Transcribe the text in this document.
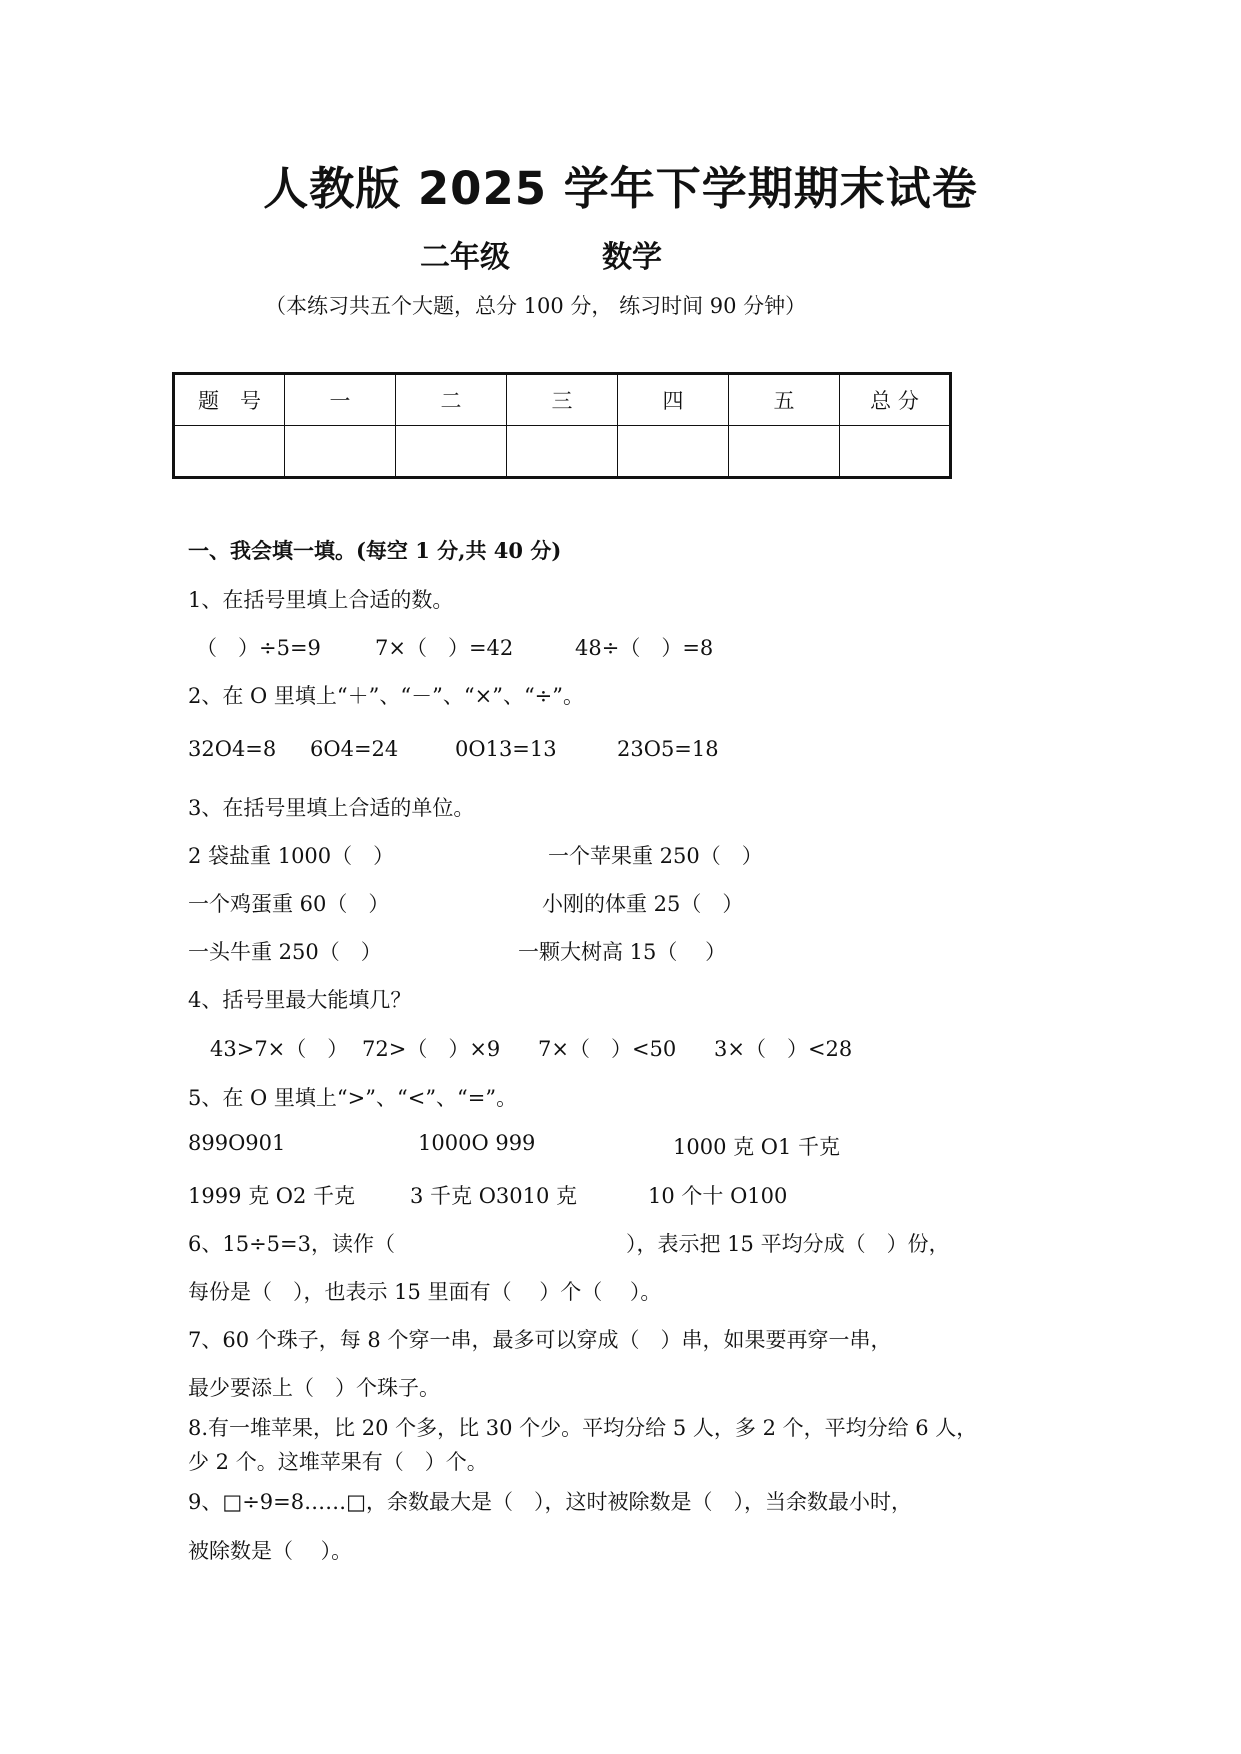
人教版 2025 学年下学期期末试卷
二年级	数学
（本练习共五个大题，总分 100 分， 练习时间 90 分钟）
题　号	一	二	三	四	五	总 分

一、我会填一填。(每空 1 分,共 40 分)
1、在括号里填上合适的数。
（　）÷5=9	7×（　）=42	48÷（　）=8
2、在 O 里填上“＋”、“－”、“×”、“÷”。
32O4=8 6O4=24	0O13=13	23O5=18
3、在括号里填上合适的单位。
2 袋盐重 1000（　）	一个苹果重 250（　）
一个鸡蛋重 60（　）	小刚的体重 25（　）
一头牛重 250（　）	一颗大树高 15（　 ）
4、括号里最大能填几？
43>7×（　） 72>（　）×9 7×（　）<50 3×（　）<28
5、在 O 里填上“>”、“<”、“=”。
899O901	1000O 999	1000 克 O1 千克
1999 克 O2 千克	3 千克 O3010 克	10 个十 O100
6、15÷5=3，读作（　　　　　　　　　　　），表示把 15 平均分成（　）份，
每份是（　），也表示 15 里面有（　 ）个（　 ）。
7、60 个珠子，每 8 个穿一串，最多可以穿成（　）串，如果要再穿一串，
最少要添上（　）个珠子。
8.有一堆苹果，比 20 个多，比 30 个少。平均分给 5 人，多 2 个，平均分给 6 人，
少 2 个。这堆苹果有（　）个。
9、□÷9=8……□，余数最大是（　），这时被除数是（　），当余数最小时，
被除数是（　 ）。
